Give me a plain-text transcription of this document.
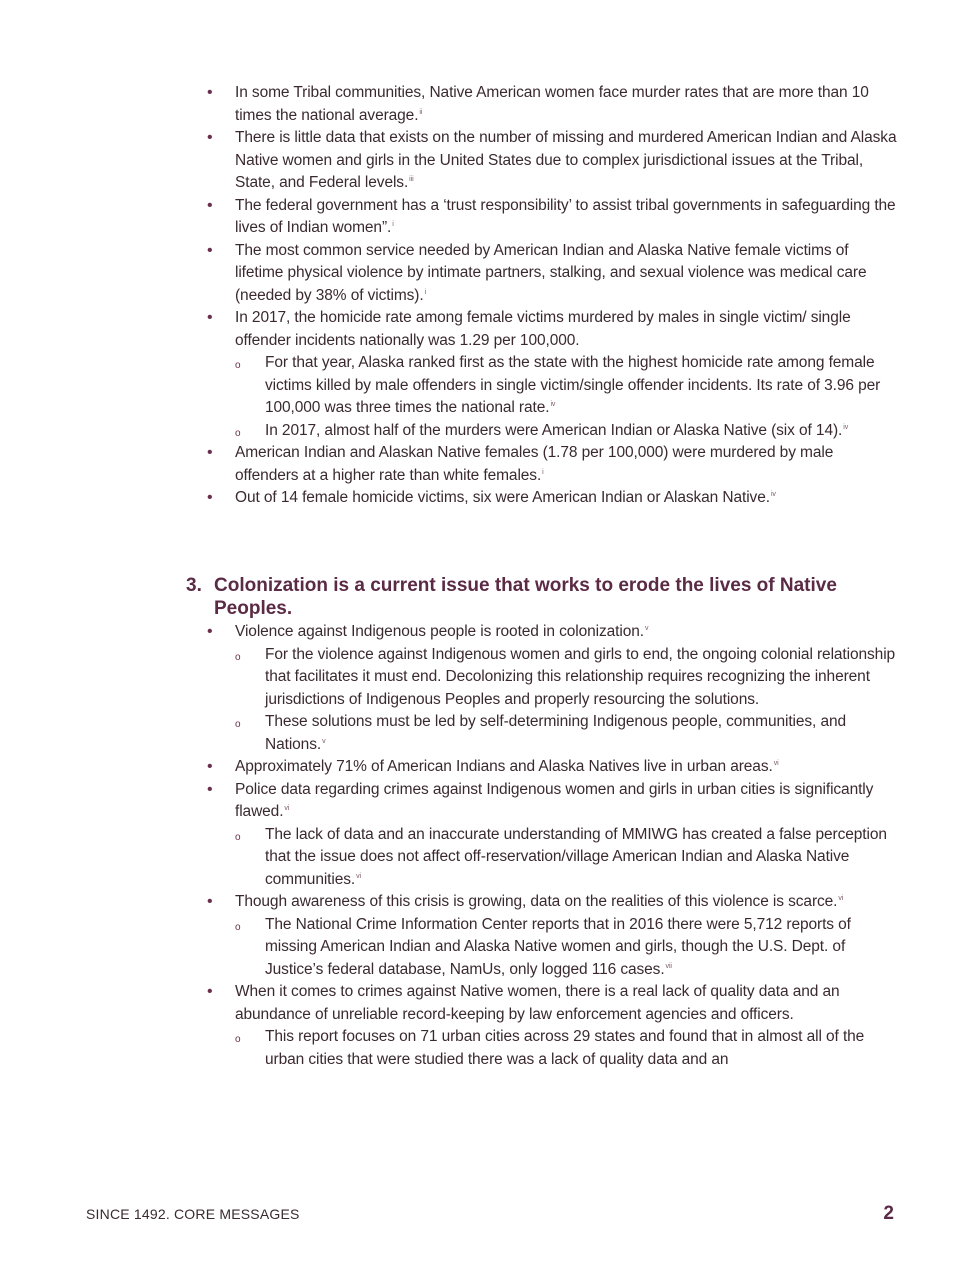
• In some Tribal communities, Native American women face murder rates that are more than 10 times the national average.$^{ii}$
• There is little data that exists on the number of missing and murdered American Indian and Alaska Native women and girls in the United States due to complex jurisdictional issues at the Tribal, State, and Federal levels.$^{iii}$
• The federal government has a ‘trust responsibility’ to assist tribal governments in safeguarding the lives of Indian women”.$^i$
• The most common service needed by American Indian and Alaska Native female victims of lifetime physical violence by intimate partners, stalking, and sexual violence was medical care (needed by 38% of victims).$^i$
• In 2017, the homicide rate among female victims murdered by males in single victim/ single offender incidents nationally was 1.29 per 100,000.
o For that year, Alaska ranked first as the state with the highest homicide rate among female victims killed by male offenders in single victim/single offender incidents. Its rate of 3.96 per 100,000 was three times the national rate.$^{iv}$
o In 2017, almost half of the murders were American Indian or Alaska Native (six of 14).$^{iv}$
• American Indian and Alaskan Native females (1.78 per 100,000) were murdered by male offenders at a higher rate than white females.$^i$
• Out of 14 female homicide victims, six were American Indian or Alaskan Native.$^{iv}$
3. Colonization is a current issue that works to erode the lives of Native Peoples.
• Violence against Indigenous people is rooted in colonization.$^v$
o For the violence against Indigenous women and girls to end, the ongoing colonial relationship that facilitates it must end. Decolonizing this relationship requires recognizing the inherent jurisdictions of Indigenous Peoples and properly resourcing the solutions.
o These solutions must be led by self-determining Indigenous people, communities, and Nations.$^v$
• Approximately 71% of American Indians and Alaska Natives live in urban areas.$^{vi}$
• Police data regarding crimes against Indigenous women and girls in urban cities is significantly flawed.$^{vi}$
o The lack of data and an inaccurate understanding of MMIWG has created a false perception that the issue does not affect off-reservation/village American Indian and Alaska Native communities.$^{vi}$
• Though awareness of this crisis is growing, data on the realities of this violence is scarce.$^{vi}$
o The National Crime Information Center reports that in 2016 there were 5,712 reports of missing American Indian and Alaska Native women and girls, though the U.S. Dept. of Justice’s federal database, NamUs, only logged 116 cases.$^{vii}$
• When it comes to crimes against Native women, there is a real lack of quality data and an abundance of unreliable record-keeping by law enforcement agencies and officers.
o This report focuses on 71 urban cities across 29 states and found that in almost all of the urban cities that were studied there was a lack of quality data and an
SINCE 1492. CORE MESSAGES	2
